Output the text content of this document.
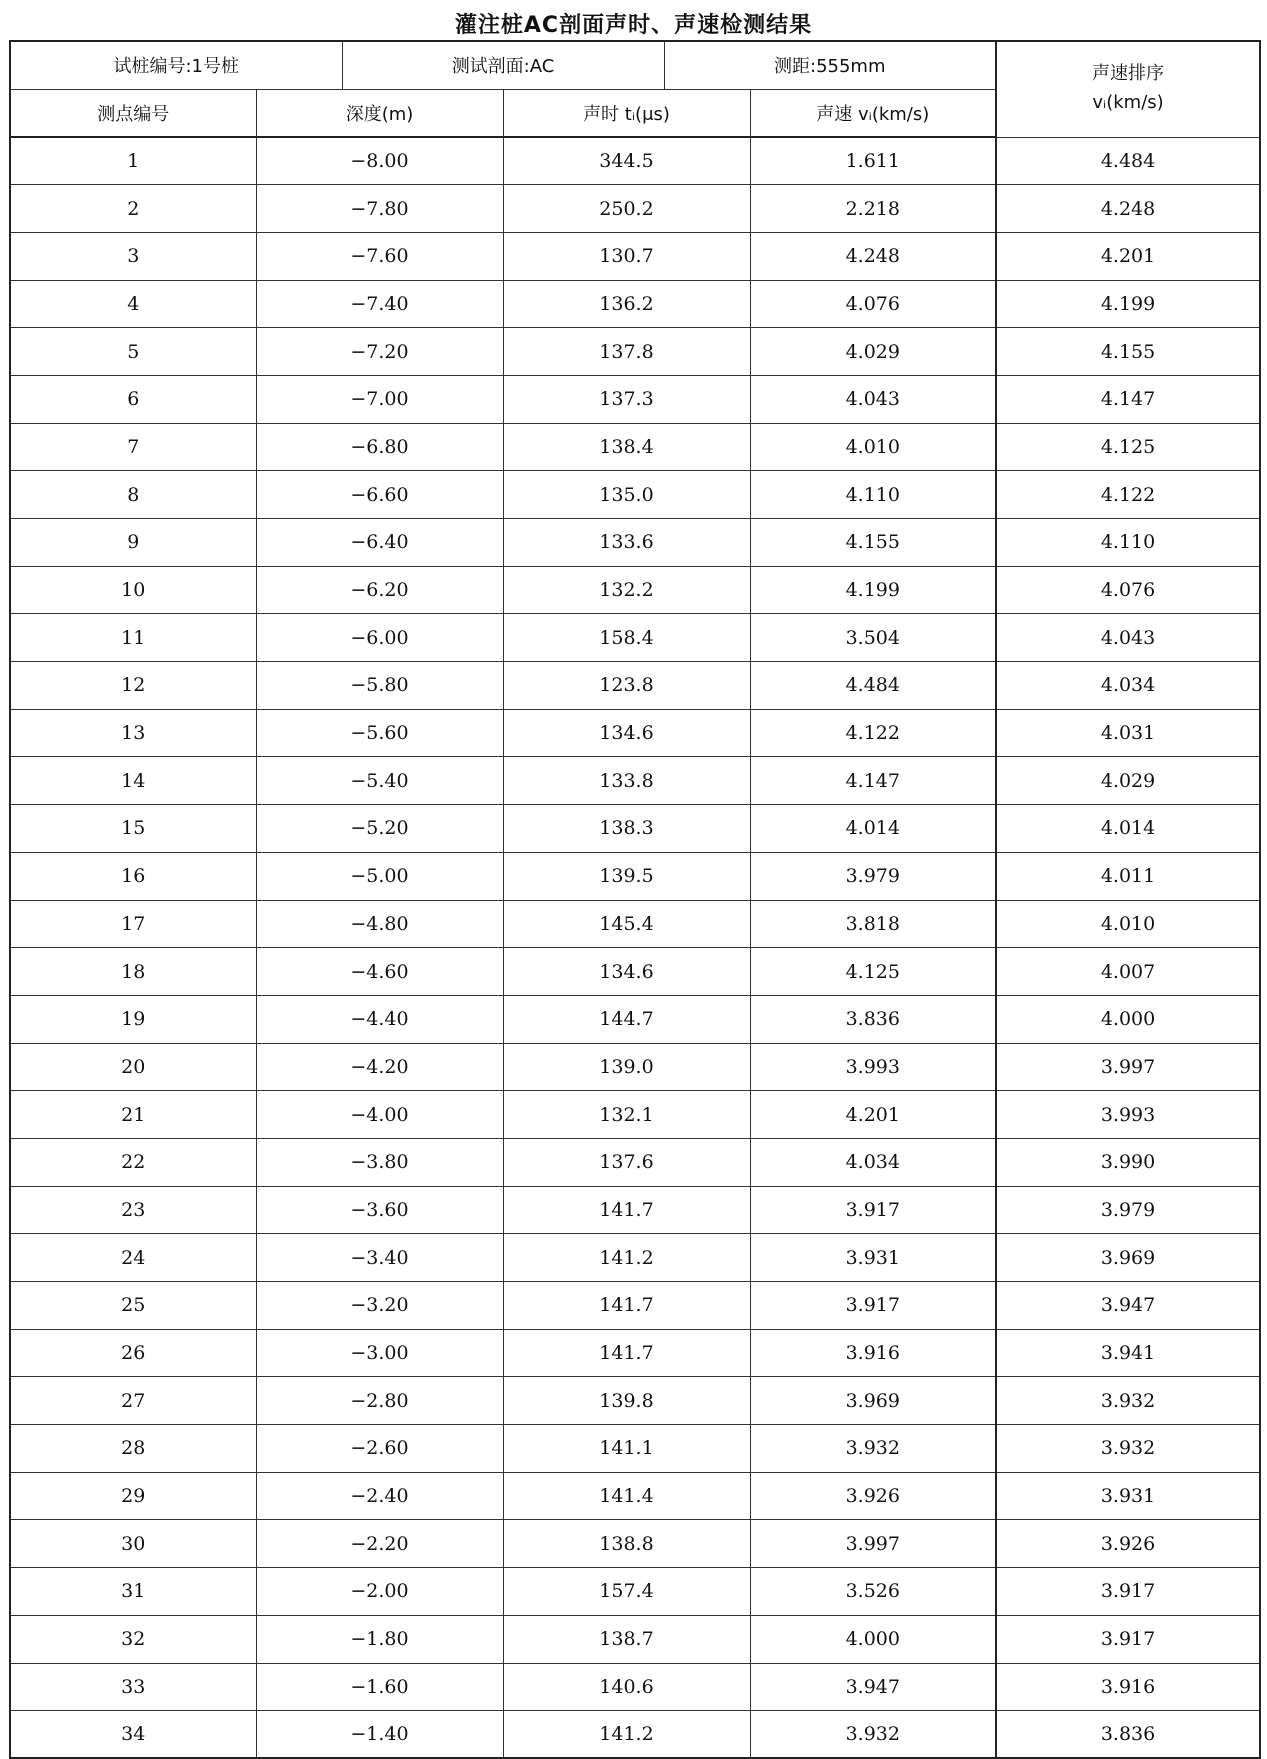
灌注桩AC剖面声时、声速检测结果
试桩编号:1号桩		测试剖面:AC		测距:555mm		声速排序
vᵢ(km/s)

测点编号	深度(m)		声时 tᵢ(μs)		声速 vᵢ(km/s)	
1	−8.00		344.5		1.611	4.484
2	−7.80		250.2		2.218	4.248
3	−7.60		130.7		4.248	4.201
4	−7.40		136.2		4.076	4.199
5	−7.20		137.8		4.029	4.155
6	−7.00		137.3		4.043	4.147
7	−6.80		138.4		4.010	4.125
8	−6.60		135.0		4.110	4.122
9	−6.40		133.6		4.155	4.110
10	−6.20		132.2		4.199	4.076
11	−6.00		158.4		3.504	4.043
12	−5.80		123.8		4.484	4.034
13	−5.60		134.6		4.122	4.031
14	−5.40		133.8		4.147	4.029
15	−5.20		138.3		4.014	4.014
16	−5.00		139.5		3.979	4.011
17	−4.80		145.4		3.818	4.010
18	−4.60		134.6		4.125	4.007
19	−4.40		144.7		3.836	4.000
20	−4.20		139.0		3.993	3.997
21	−4.00		132.1		4.201	3.993
22	−3.80		137.6		4.034	3.990
23	−3.60		141.7		3.917	3.979
24	−3.40		141.2		3.931	3.969
25	−3.20		141.7		3.917	3.947
26	−3.00		141.7		3.916	3.941
27	−2.80		139.8		3.969	3.932
28	−2.60		141.1		3.932	3.932
29	−2.40		141.4		3.926	3.931
30	−2.20		138.8		3.997	3.926
31	−2.00		157.4		3.526	3.917
32	−1.80		138.7		4.000	3.917
33	−1.60		140.6		3.947	3.916
34	−1.40		141.2		3.932	3.836
